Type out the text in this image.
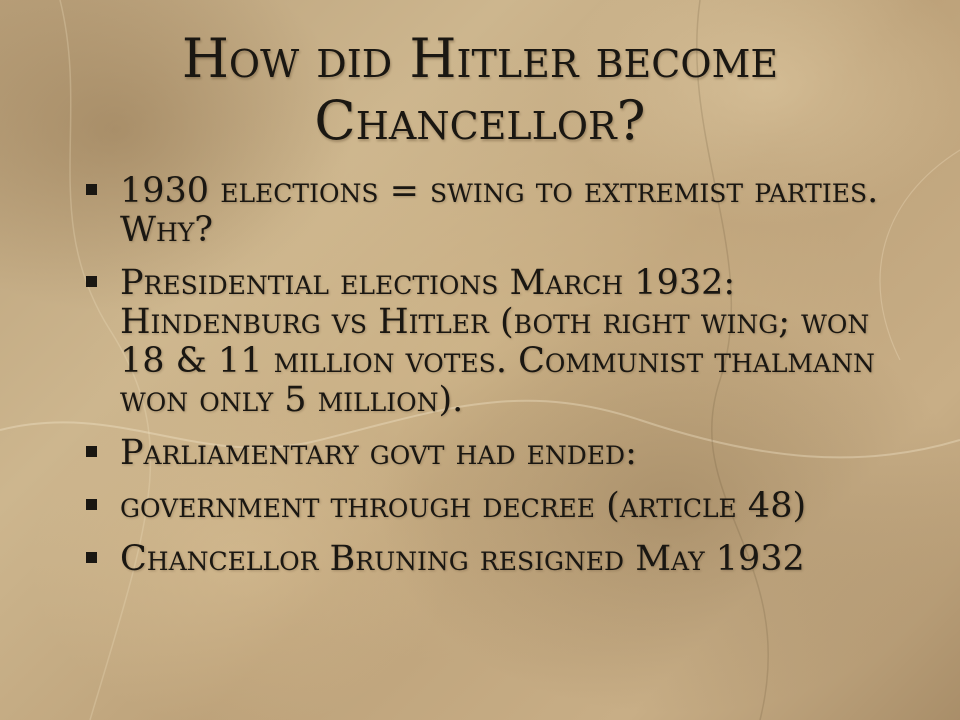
How did Hitler become Chancellor?
1930 elections = swing to extremist parties. Why?
Presidential elections March 1932: Hindenburg vs Hitler (both right wing; won 18 & 11 million votes. Communist thalmann won only 5 million).
Parliamentary govt had ended:
government through decree (article 48)
Chancellor Bruning resigned May 1932
